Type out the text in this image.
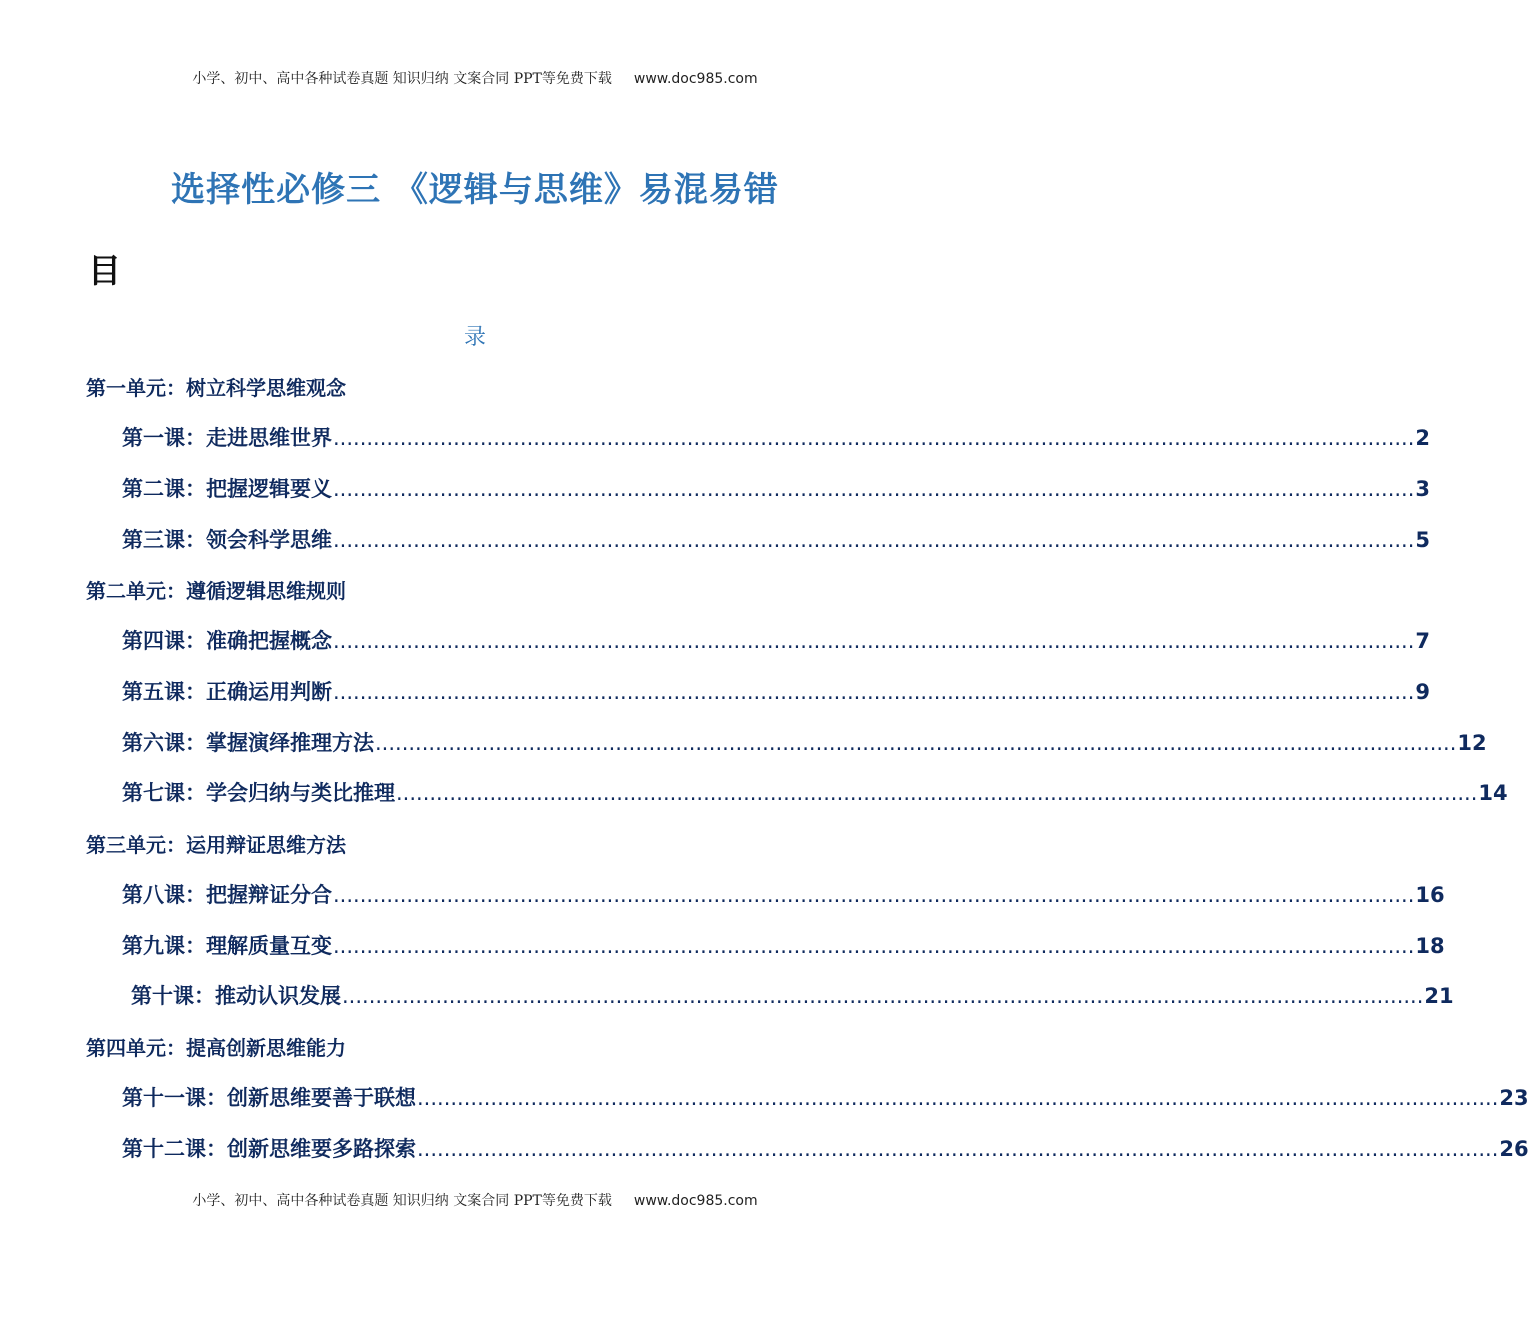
小学、初中、高中各种试卷真题 知识归纳 文案合同 PPT等免费下载 www.doc985.com
选择性必修三 《逻辑与思维》易混易错
目
录
第一单元：树立科学思维观念
第一课：走进思维世界 .................................................................................................................................................................. 2
第二课：把握逻辑要义 .................................................................................................................................................................. 3
第三课：领会科学思维 .................................................................................................................................................................. 5
第二单元：遵循逻辑思维规则
第四课：准确把握概念 .................................................................................................................................................................. 7
第五课：正确运用判断 .................................................................................................................................................................. 9
第六课：掌握演绎推理方法 .................................................................................................................................................................. 12
第七课：学会归纳与类比推理 .................................................................................................................................................................. 14
第三单元：运用辩证思维方法
第八课：把握辩证分合 .................................................................................................................................................................. 16
第九课：理解质量互变 .................................................................................................................................................................. 18
第十课：推动认识发展 .................................................................................................................................................................. 21
第四单元：提高创新思维能力
第十一课：创新思维要善于联想 .................................................................................................................................................................. 23
第十二课：创新思维要多路探索 .................................................................................................................................................................. 26
小学、初中、高中各种试卷真题 知识归纳 文案合同 PPT等免费下载 www.doc985.com
